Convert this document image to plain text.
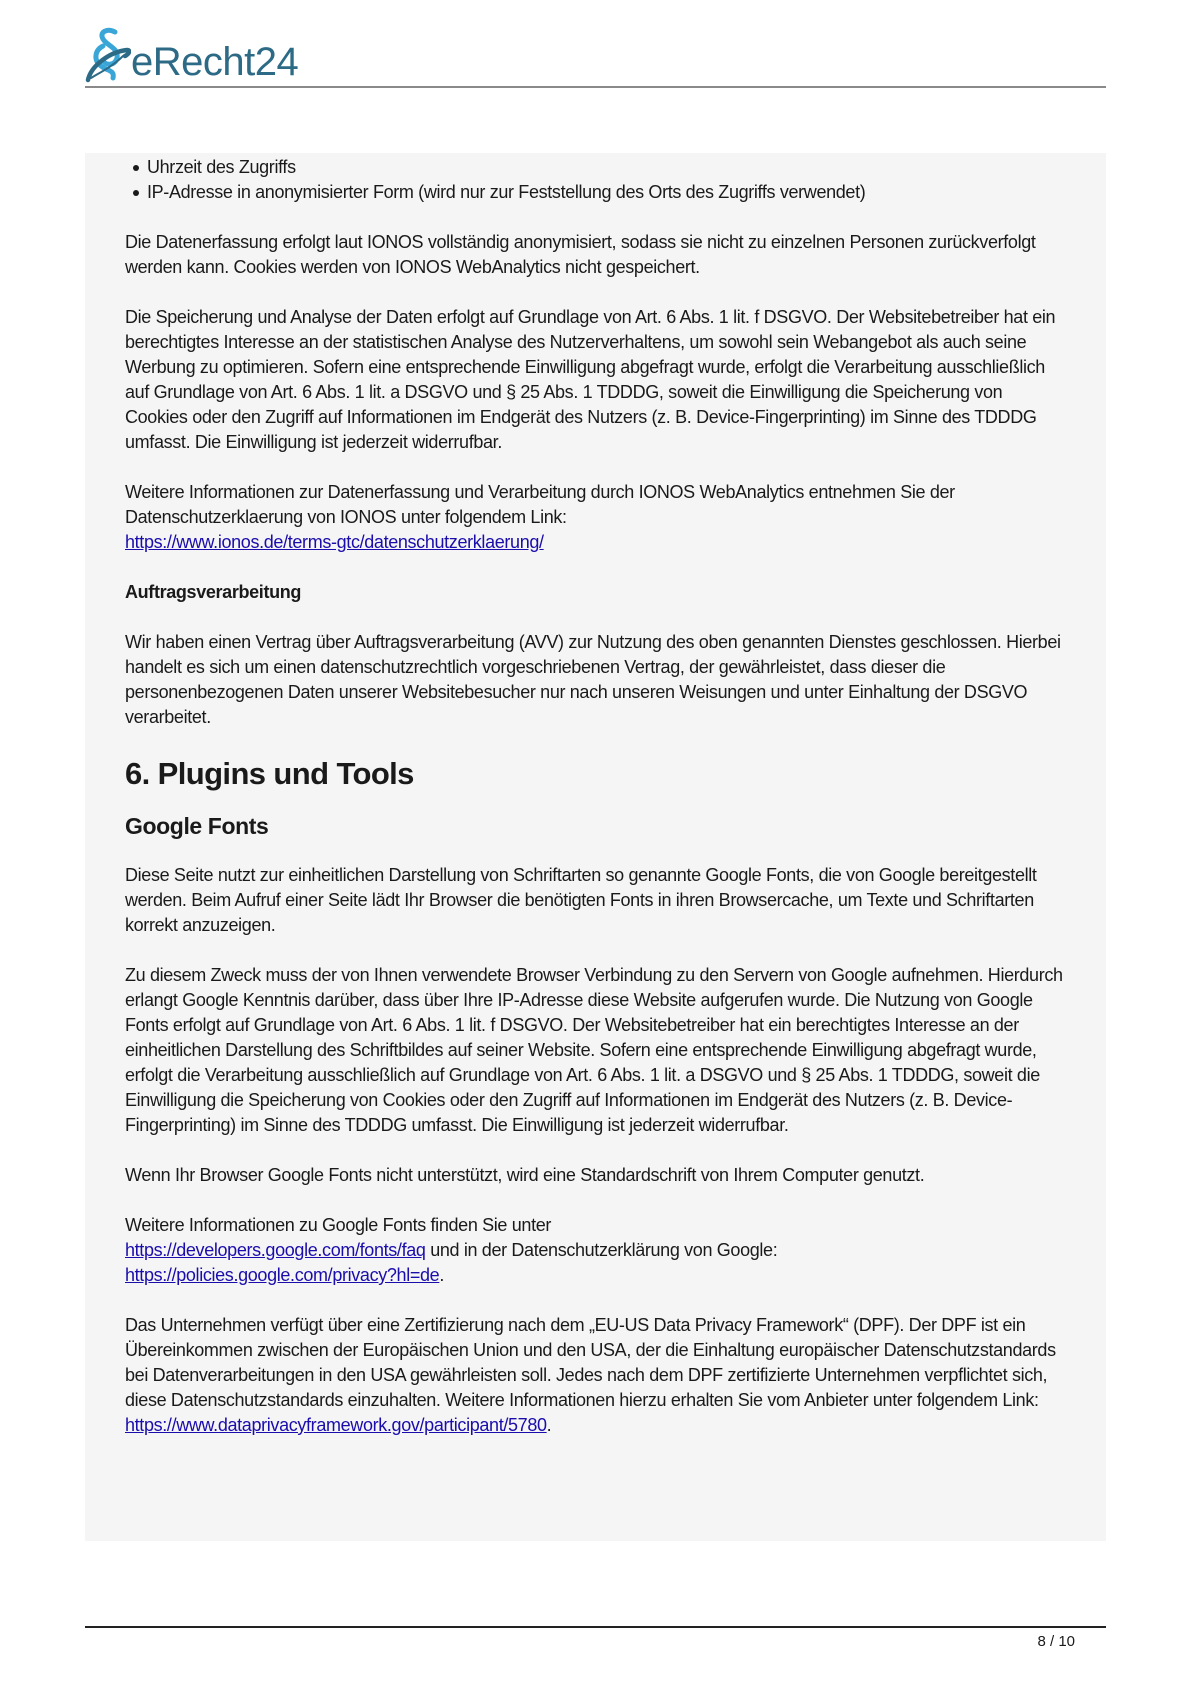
eRecht24
Uhrzeit des Zugriffs
IP-Adresse in anonymisierter Form (wird nur zur Feststellung des Orts des Zugriffs verwendet)

Die Datenerfassung erfolgt laut IONOS vollständig anonymisiert, sodass sie nicht zu einzelnen Personen zurückverfolgt werden kann. Cookies werden von IONOS WebAnalytics nicht gespeichert.

Die Speicherung und Analyse der Daten erfolgt auf Grundlage von Art. 6 Abs. 1 lit. f DSGVO. Der Websitebetreiber hat ein berechtigtes Interesse an der statistischen Analyse des Nutzerverhaltens, um sowohl sein Webangebot als auch seine Werbung zu optimieren. Sofern eine entsprechende Einwilligung abgefragt wurde, erfolgt die Verarbeitung ausschließlich auf Grundlage von Art. 6 Abs. 1 lit. a DSGVO und § 25 Abs. 1 TDDDG, soweit die Einwilligung die Speicherung von Cookies oder den Zugriff auf Informationen im Endgerät des Nutzers (z. B. Device-Fingerprinting) im Sinne des TDDDG umfasst. Die Einwilligung ist jederzeit widerrufbar.

Weitere Informationen zur Datenerfassung und Verarbeitung durch IONOS WebAnalytics entnehmen Sie der Datenschutzerklaerung von IONOS unter folgendem Link:
https://www.ionos.de/terms-gtc/datenschutzerklaerung/

Auftragsverarbeitung

Wir haben einen Vertrag über Auftragsverarbeitung (AVV) zur Nutzung des oben genannten Dienstes geschlossen. Hierbei handelt es sich um einen datenschutzrechtlich vorgeschriebenen Vertrag, der gewährleistet, dass dieser die personenbezogenen Daten unserer Websitebesucher nur nach unseren Weisungen und unter Einhaltung der DSGVO verarbeitet.

6. Plugins und Tools
Google Fonts

Diese Seite nutzt zur einheitlichen Darstellung von Schriftarten so genannte Google Fonts, die von Google bereitgestellt werden. Beim Aufruf einer Seite lädt Ihr Browser die benötigten Fonts in ihren Browsercache, um Texte und Schriftarten korrekt anzuzeigen.

Zu diesem Zweck muss der von Ihnen verwendete Browser Verbindung zu den Servern von Google aufnehmen. Hierdurch erlangt Google Kenntnis darüber, dass über Ihre IP-Adresse diese Website aufgerufen wurde. Die Nutzung von Google Fonts erfolgt auf Grundlage von Art. 6 Abs. 1 lit. f DSGVO. Der Websitebetreiber hat ein berechtigtes Interesse an der einheitlichen Darstellung des Schriftbildes auf seiner Website. Sofern eine entsprechende Einwilligung abgefragt wurde, erfolgt die Verarbeitung ausschließlich auf Grundlage von Art. 6 Abs. 1 lit. a DSGVO und § 25 Abs. 1 TDDDG, soweit die Einwilligung die Speicherung von Cookies oder den Zugriff auf Informationen im Endgerät des Nutzers (z. B. Device-Fingerprinting) im Sinne des TDDDG umfasst. Die Einwilligung ist jederzeit widerrufbar.

Wenn Ihr Browser Google Fonts nicht unterstützt, wird eine Standardschrift von Ihrem Computer genutzt.

Weitere Informationen zu Google Fonts finden Sie unter
https://developers.google.com/fonts/faq und in der Datenschutzerklärung von Google:
https://policies.google.com/privacy?hl=de.

Das Unternehmen verfügt über eine Zertifizierung nach dem „EU-US Data Privacy Framework“ (DPF). Der DPF ist ein Übereinkommen zwischen der Europäischen Union und den USA, der die Einhaltung europäischer Datenschutzstandards bei Datenverarbeitungen in den USA gewährleisten soll. Jedes nach dem DPF zertifizierte Unternehmen verpflichtet sich, diese Datenschutzstandards einzuhalten. Weitere Informationen hierzu erhalten Sie vom Anbieter unter folgendem Link:
https://www.dataprivacyframework.gov/participant/5780.

8 / 10
